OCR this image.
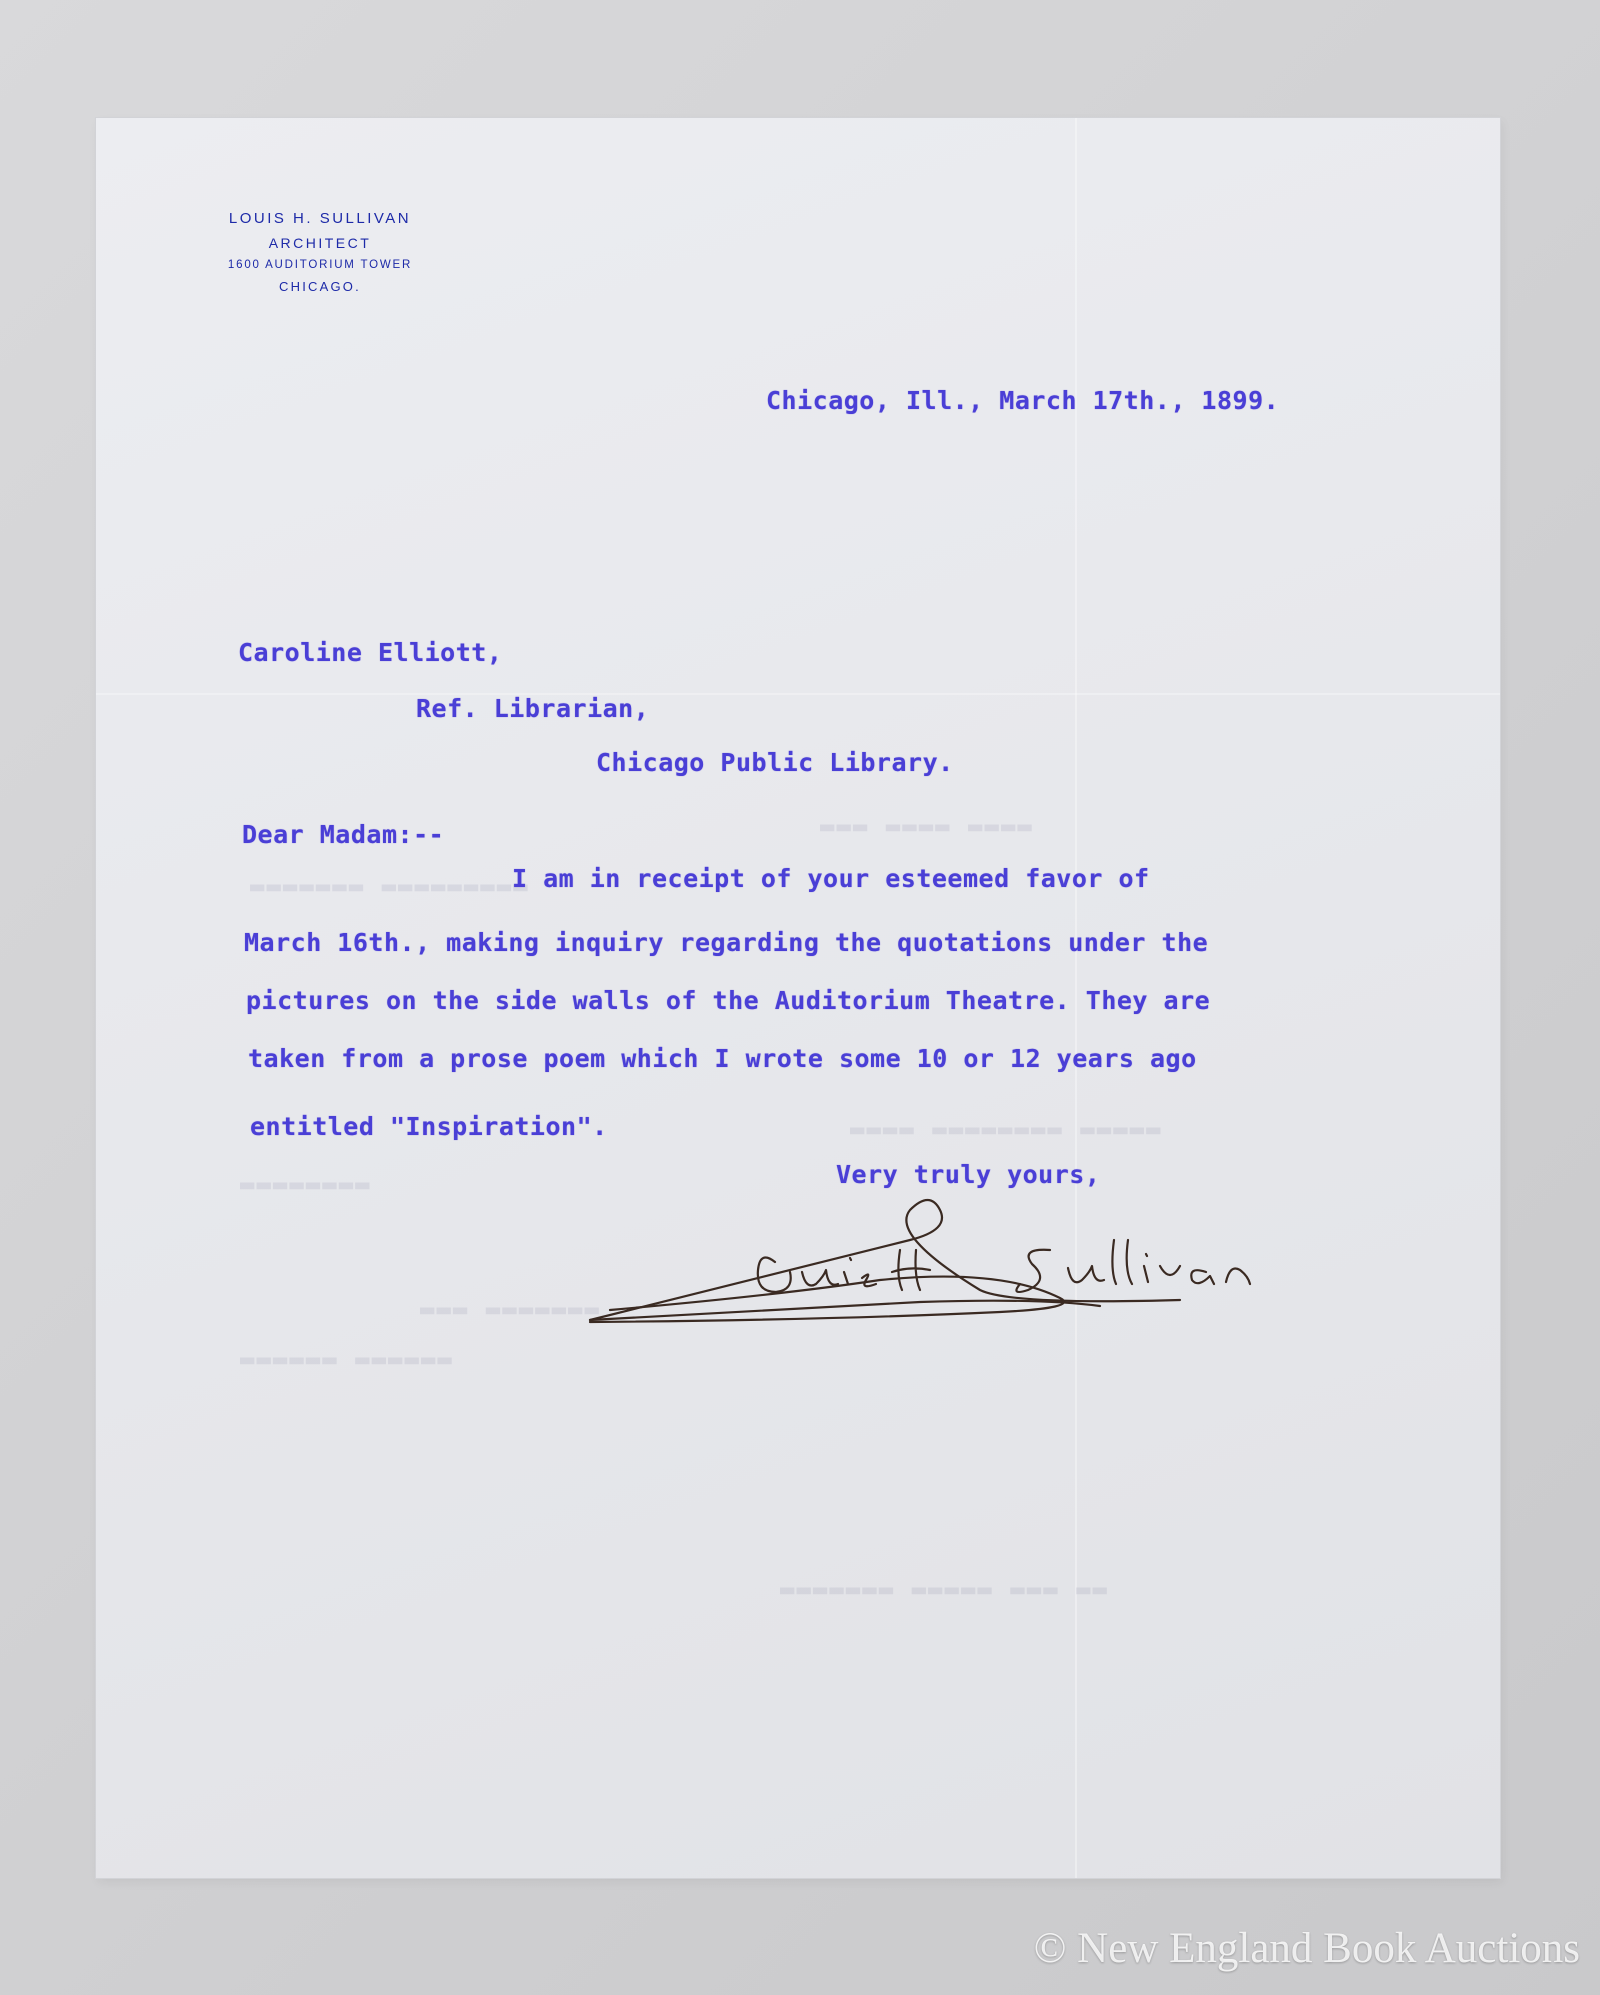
▬▬▬ ▬▬▬▬ ▬▬▬▬
▬▬▬▬▬▬▬ ▬▬▬▬▬▬▬▬▬
▬▬▬▬ ▬▬▬▬▬▬▬▬ ▬▬▬▬▬
▬▬▬▬▬▬▬▬
▬▬▬ ▬▬▬▬▬▬▬
▬▬▬▬▬▬ ▬▬▬▬▬▬
▬▬▬▬▬▬▬ ▬▬▬▬▬ ▬▬▬ ▬▬
LOUIS H. SULLIVAN
ARCHITECT
1600 AUDITORIUM TOWER
CHICAGO.
Chicago, Ill., March 17th., 1899.
Caroline Elliott,
Ref. Librarian,
Chicago Public Library.
Dear Madam:--
I am in receipt of your esteemed favor of
March 16th., making inquiry regarding the quotations under the
pictures on the side walls of the Auditorium Theatre. They are
taken from a prose poem which I wrote some 10 or 12 years ago
entitled "Inspiration".
Very truly yours,
© New England Book Auctions
